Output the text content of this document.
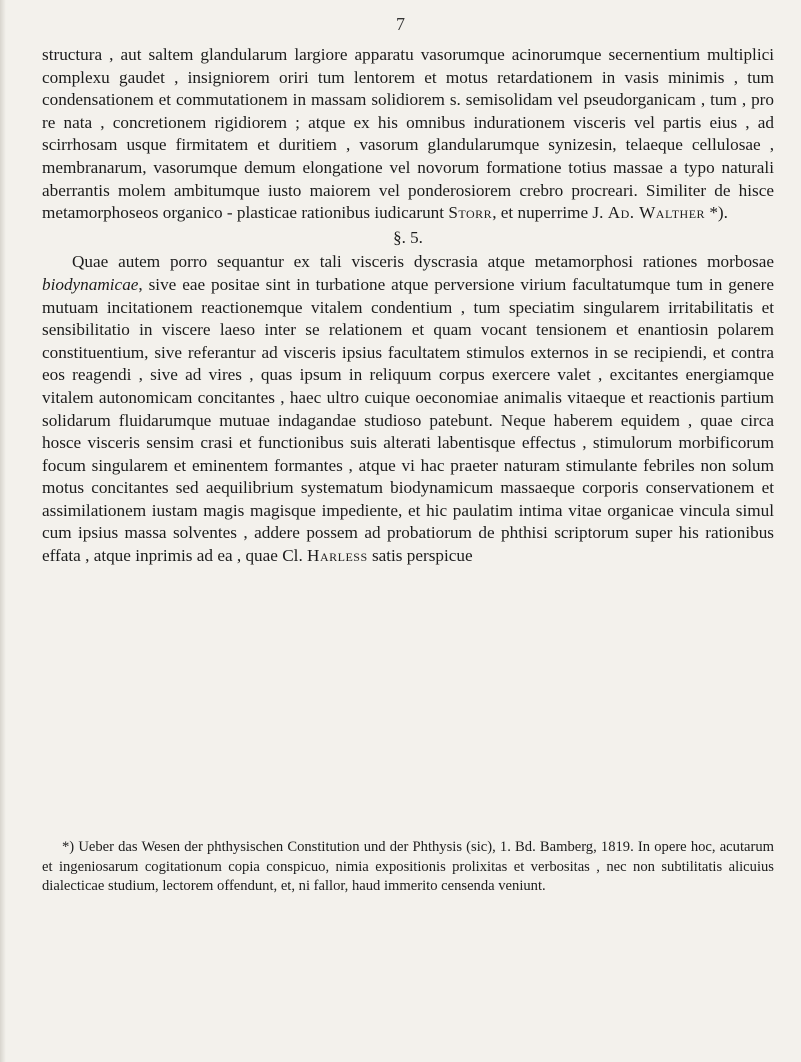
7

structura , aut saltem glandularum largiore apparatu vasorumque acinorumque secernentium multiplici complexu gaudet , insigniorem oriri tum lentorem et motus retardationem in vasis minimis , tum condensationem et commutationem in massam solidiorem s. semisolidam vel pseudorganicam , tum , pro re nata , concretionem rigidiorem ; atque ex his omnibus indurationem visceris vel partis eius , ad scirrhosam usque firmitatem et duritiem , vasorum glandularumque synizesin, telaeque cellulosae , membranarum, vasorumque demum elongatione vel novorum formatione totius massae a typo naturali aberrantis molem ambitumque iusto maiorem vel ponderosiorem crebro procreari. Similiter de hisce metamorphoseos organico - plasticae rationibus iudicarunt Storr, et nuperrime J. Ad. Walther *).

§. 5.

Quae autem porro sequantur ex tali visceris dyscrasia atque metamorphosi rationes morbosae biodynamicae, sive eae positae sint in turbatione atque perversione virium facultatumque tum in genere mutuam incitationem reactionemque vitalem condentium , tum speciatim singularem irritabilitatis et sensibilitatio in viscere laeso inter se relationem et quam vocant tensionem et enantiosin polarem constituentium, sive referantur ad visceris ipsius facultatem stimulos externos in se recipiendi, et contra eos reagendi , sive ad vires , quas ipsum in reliquum corpus exercere valet , excitantes energiamque vitalem autonomicam concitantes , haec ultro cuique oeconomiae animalis vitaeque et reactionis partium solidarum fluidarumque mutuae indagandae studioso patebunt. Neque haberem equidem , quae circa hosce visceris sensim crasi et functionibus suis alterati labentisque effectus , stimulorum morbificorum focum singularem et eminentem formantes , atque vi hac praeter naturam stimulante febriles non solum motus concitantes sed aequilibrium systematum biodynamicum massaeque corporis conservationem et assimilationem iustam magis magisque impediente, et hic paulatim intima vitae organicae vincula simul cum ipsius massa solventes , addere possem ad probatiorum de phthisi scriptorum super his rationibus effata , atque inprimis ad ea , quae Cl. Harless satis perspicue

*) Ueber das Wesen der phthysischen Constitution und der Phthysis (sic), 1. Bd. Bamberg, 1819. In opere hoc, acutarum et ingeniosarum cogitationum copia conspicuo, nimia expositionis prolixitas et verbositas , nec non subtilitatis alicuius dialecticae studium, lectorem offendunt, et, ni fallor, haud immerito censenda veniunt.
